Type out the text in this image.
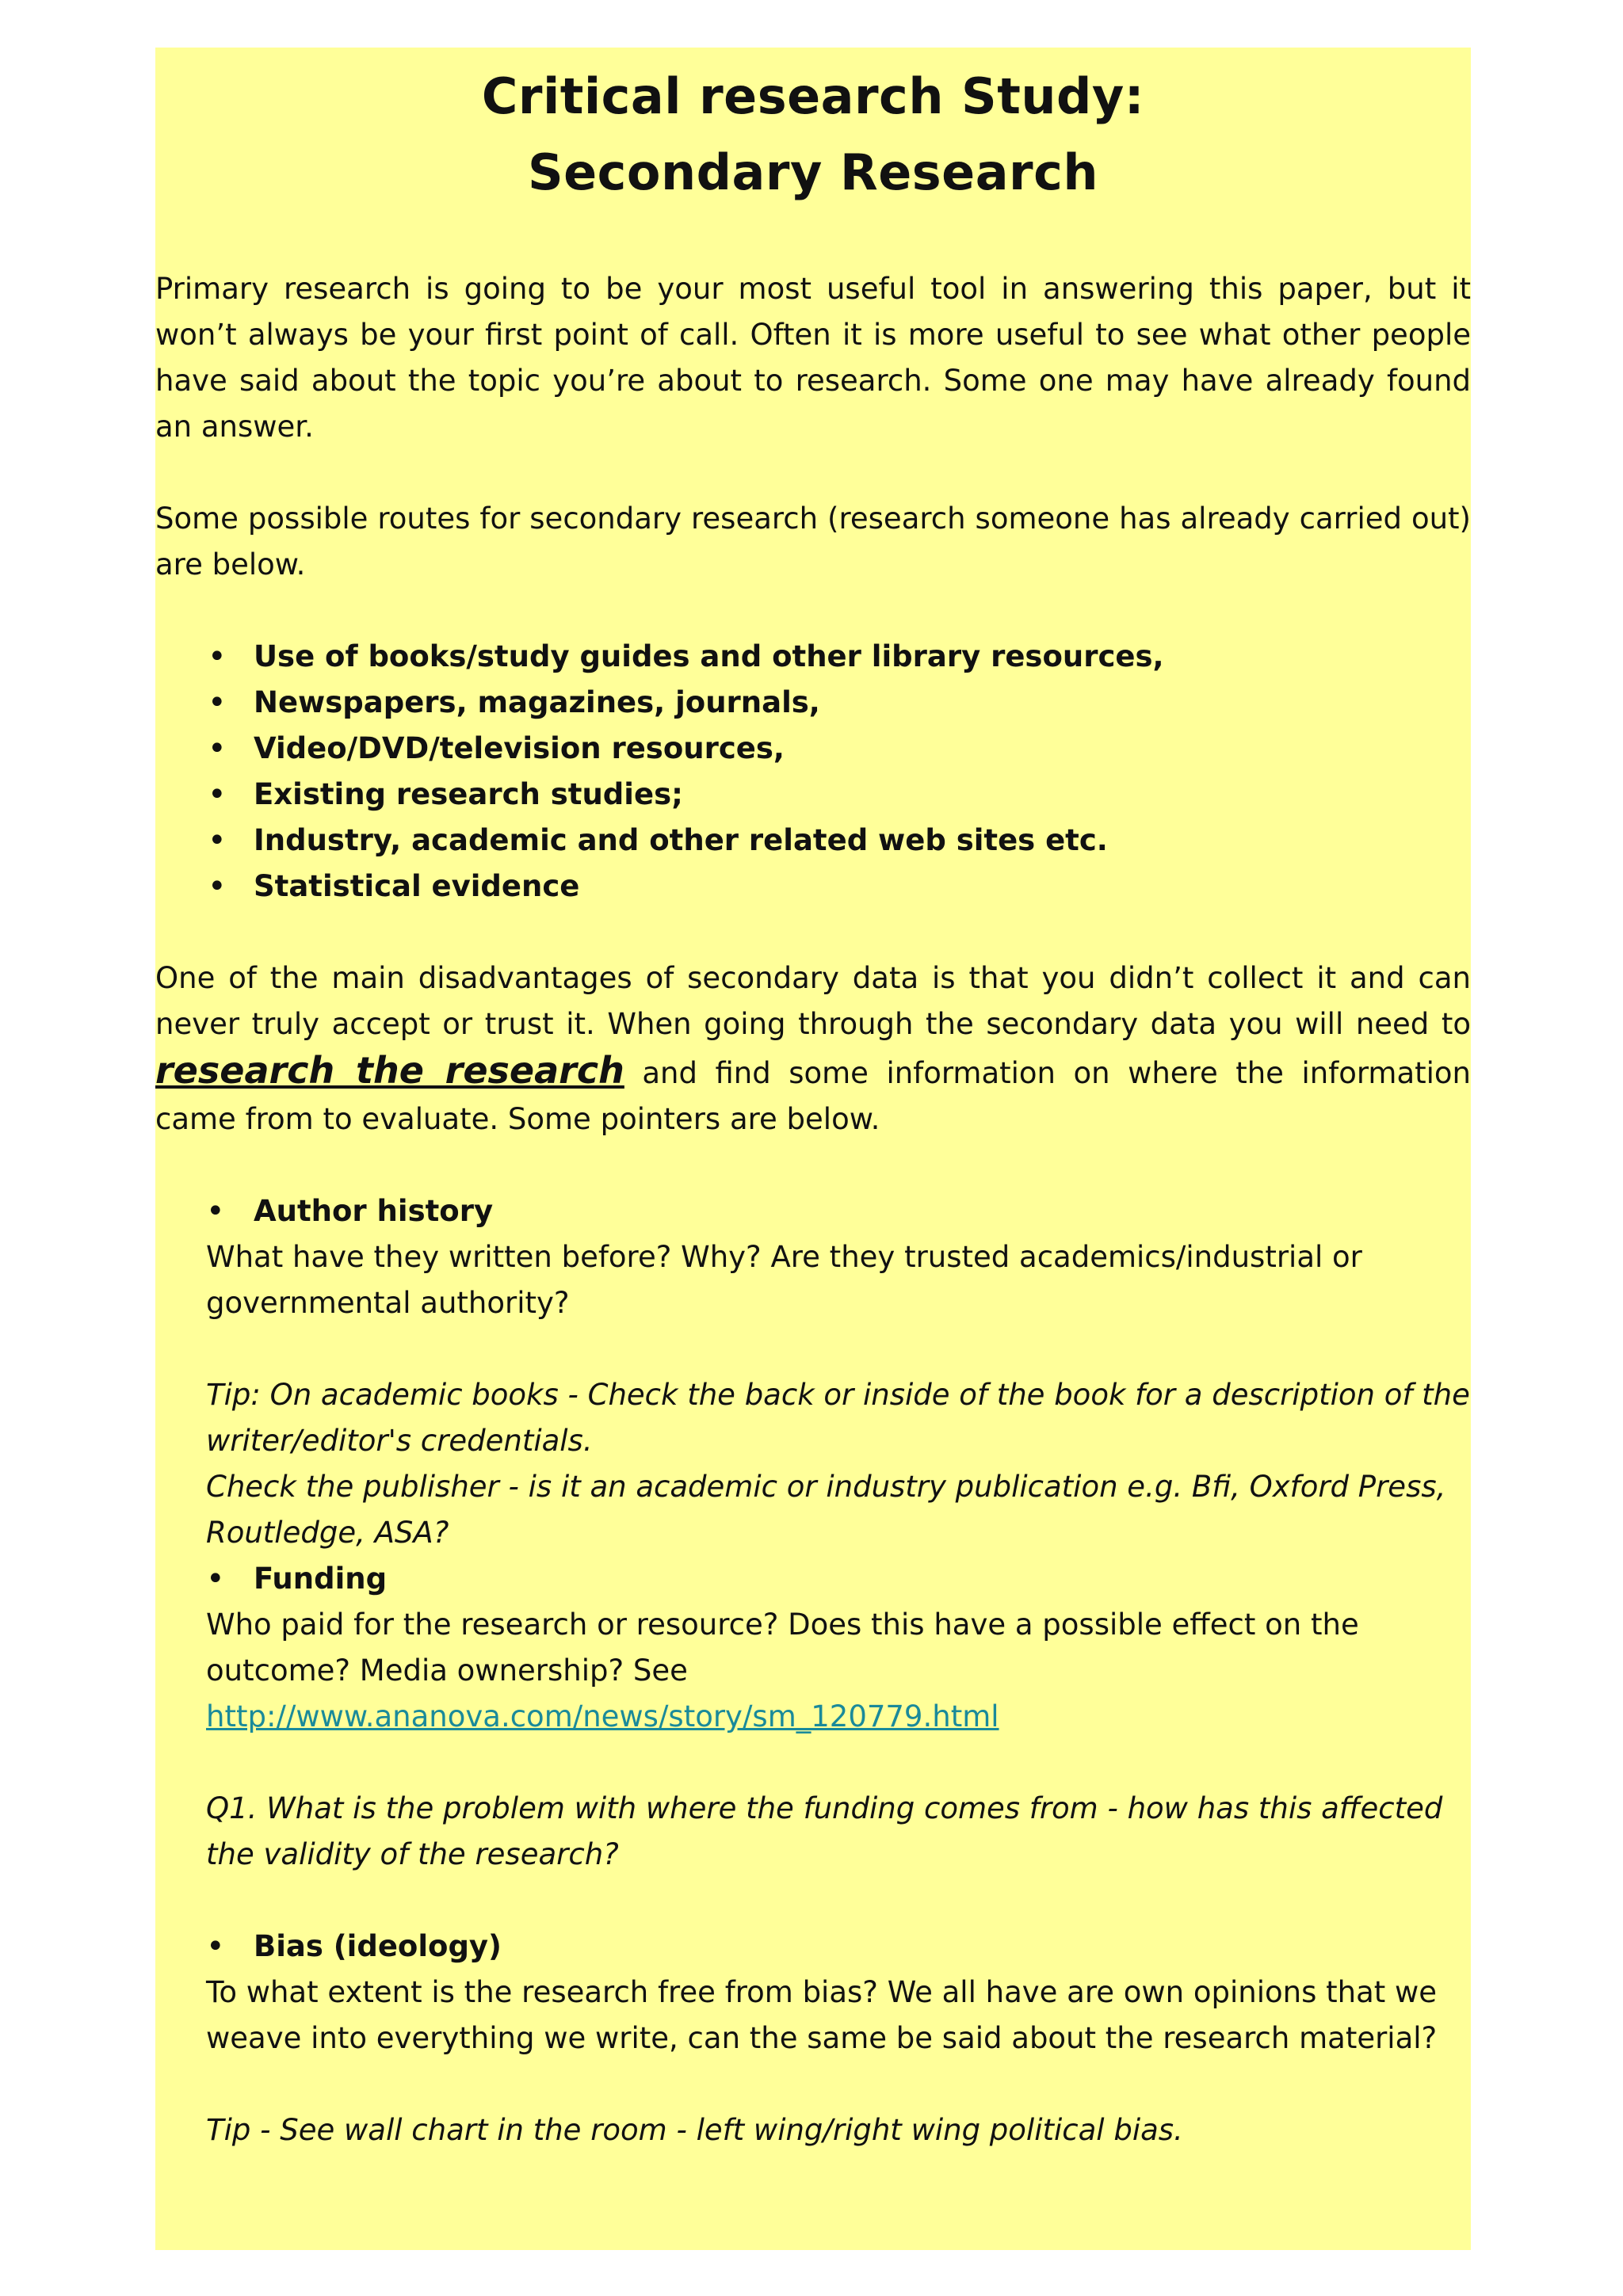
Critical research Study:
Secondary Research

Primary research is going to be your most useful tool in answering this paper, but it won’t always be your first point of call. Often it is more useful to see what other people have said about the topic you’re about to research. Some one may have already found an answer.

Some possible routes for secondary research (research someone has already carried out) are below.

• Use of books/study guides and other library resources,
• Newspapers, magazines, journals,
• Video/DVD/television resources,
• Existing research studies;
• Industry, academic and other related web sites etc.
• Statistical evidence

One of the main disadvantages of secondary data is that you didn’t collect it and can never truly accept or trust it. When going through the secondary data you will need to research the research and find some information on where the information came from to evaluate. Some pointers are below.

• Author history
What have they written before? Why? Are they trusted academics/industrial or governmental authority?
Tip: On academic books - Check the back or inside of the book for a description of the writer/editor's credentials.
Check the publisher - is it an academic or industry publication e.g. Bfi, Oxford Press, Routledge, ASA?
• Funding
Who paid for the research or resource? Does this have a possible effect on the outcome? Media ownership? See
http://www.ananova.com/news/story/sm_120779.html
Q1. What is the problem with where the funding comes from - how has this affected the validity of the research?
• Bias (ideology)
To what extent is the research free from bias? We all have are own opinions that we weave into everything we write, can the same be said about the research material?
Tip - See wall chart in the room - left wing/right wing political bias.
